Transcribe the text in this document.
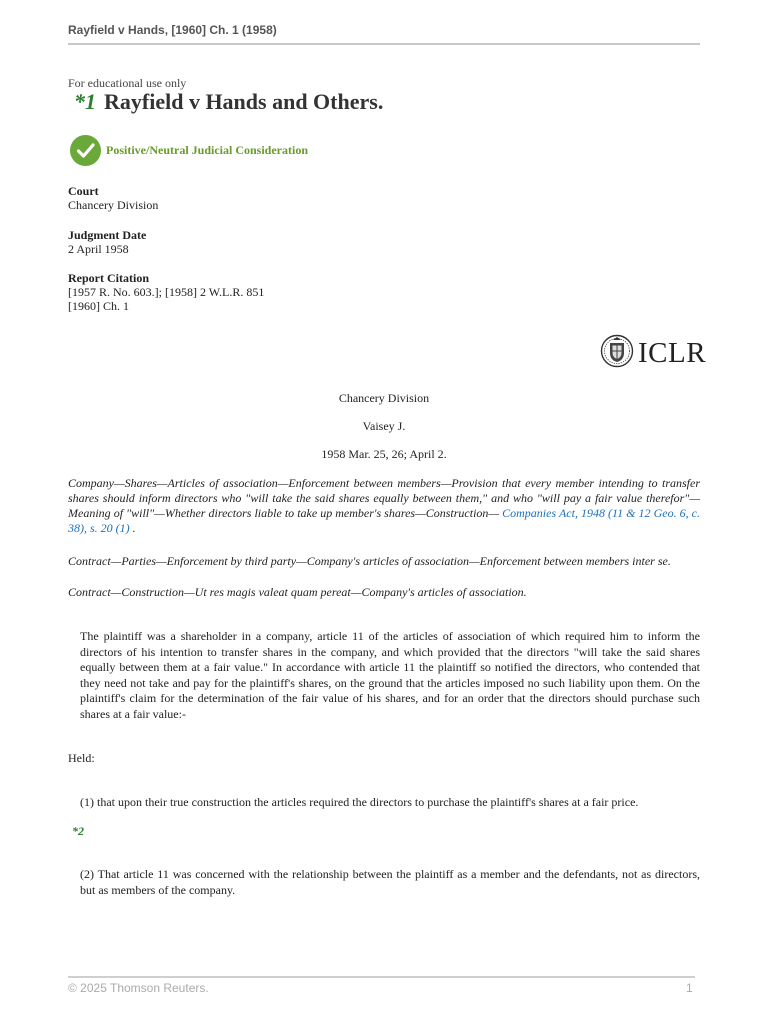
Rayfield v Hands, [1960] Ch. 1 (1958)
For educational use only
*1 Rayfield v Hands and Others.
Positive/Neutral Judicial Consideration
Court
Chancery Division
Judgment Date
2 April 1958
Report Citation
[1957 R. No. 603.]; [1958] 2 W.L.R. 851
[1960] Ch. 1
ICLR
Chancery Division
Vaisey J.
1958 Mar. 25, 26; April 2.
Company—Shares—Articles of association—Enforcement between members—Provision that every member intending to transfer shares should inform directors who "will take the said shares equally between them," and who "will pay a fair value therefor"—Meaning of "will"—Whether directors liable to take up member's shares—Construction— Companies Act, 1948 (11 & 12 Geo. 6, c. 38), s. 20 (1) .
Contract—Parties—Enforcement by third party—Company's articles of association—Enforcement between members inter se.
Contract—Construction—Ut res magis valeat quam pereat—Company's articles of association.
The plaintiff was a shareholder in a company, article 11 of the articles of association of which required him to inform the directors of his intention to transfer shares in the company, and which provided that the directors "will take the said shares equally between them at a fair value." In accordance with article 11 the plaintiff so notified the directors, who contended that they need not take and pay for the plaintiff's shares, on the ground that the articles imposed no such liability upon them. On the plaintiff's claim for the determination of the fair value of his shares, and for an order that the directors should purchase such shares at a fair value:-
Held:
(1) that upon their true construction the articles required the directors to purchase the plaintiff's shares at a fair price.
*2
(2) That article 11 was concerned with the relationship between the plaintiff as a member and the defendants, not as directors, but as members of the company.
© 2025 Thomson Reuters.	1
